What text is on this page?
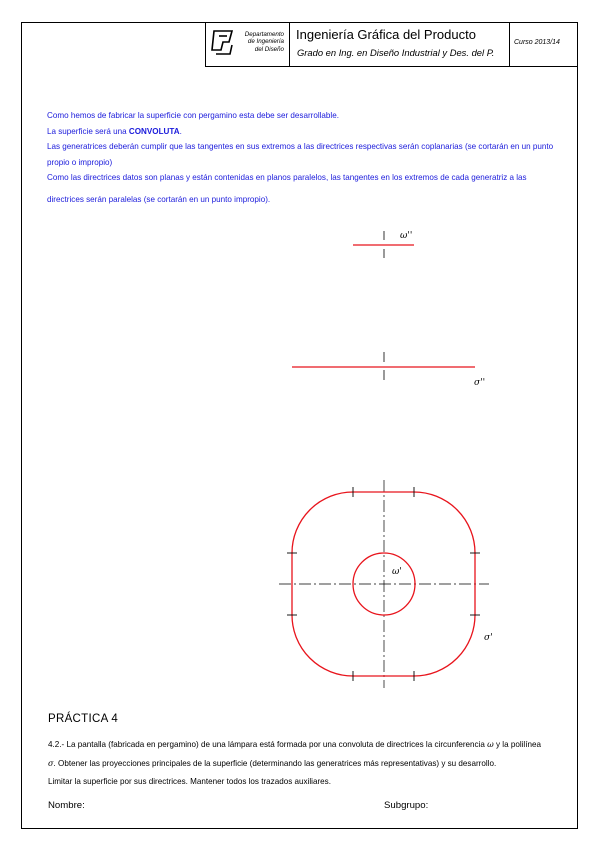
Departamento
de Ingeniería
del Diseño
Ingeniería Gráfica del Producto
Grado en Ing. en Diseño Industrial y Des. del P.
Curso 2013/14

Como hemos de fabricar la superficie con pergamino esta debe ser desarrollable.

La superficie será una CONVOLUTA.

Las generatrices deberán cumplir que las tangentes en sus extremos a las directrices respectivas serán coplanarias (se cortarán en un punto propio o impropio)

Como las directrices datos son planas y están contenidas en planos paralelos, las tangentes en los extremos de cada generatriz a las

directrices serán paralelas (se cortarán en un punto impropio).

ω''
σ''
ω'
σ'
PRÁCTICA 4

4.2.- La pantalla (fabricada en pergamino) de una lámpara está formada por una convoluta de directrices la circunferencia ω y la polilínea

σ. Obtener las proyecciones principales de la superficie (determinando las generatrices más representativas) y su desarrollo.

Limitar la superficie por sus directrices. Mantener todos los trazados auxiliares.
Nombre:	Subgrupo:
